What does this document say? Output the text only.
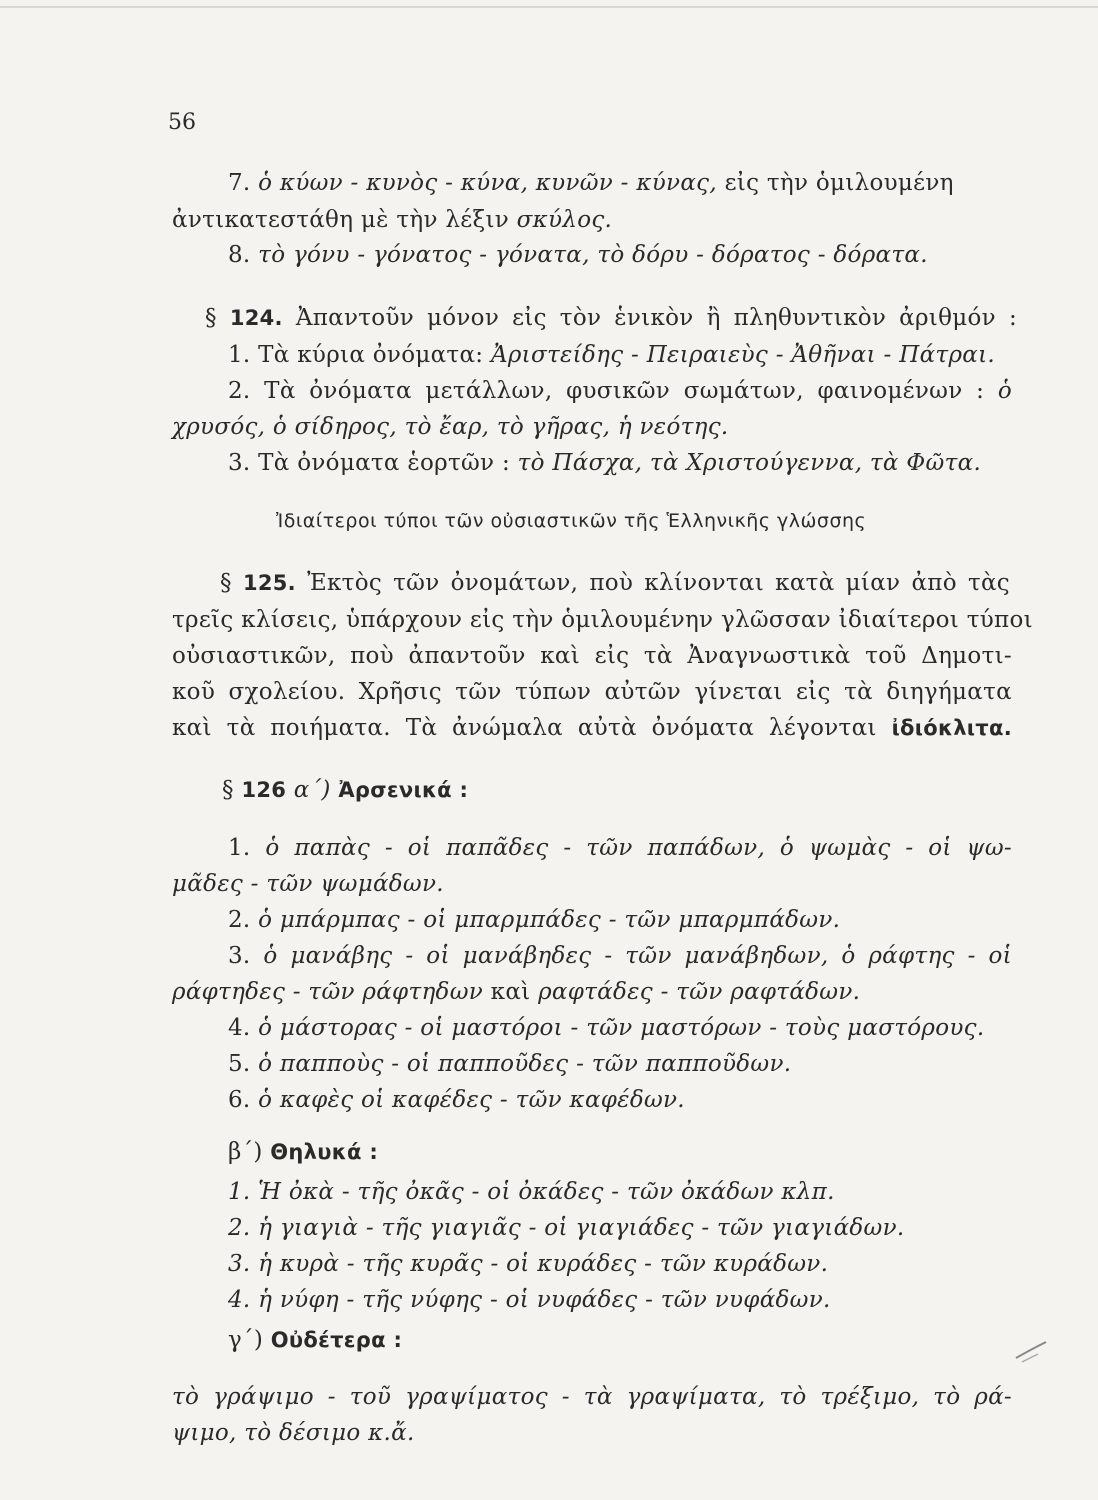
56
7. ὁ κύων - κυνὸς - κύνα, κυνῶν - κύνας, εἰς τὴν ὁμιλουμένη
ἀντικατεστάθη μὲ τὴν λέξιν σκύλος.
8. τὸ γόνυ - γόνατος - γόνατα, τὸ δόρυ - δόρατος - δόρατα.
§ 124. Ἀπαντοῦν μόνον εἰς τὸν ἑνικὸν ἢ πληθυντικὸν ἀριθμόν :
1. Τὰ κύρια ὀνόματα: Ἀριστείδης - Πειραιεὺς - Ἀθῆναι - Πάτραι.
2. Τὰ ὀνόματα μετάλλων, φυσικῶν σωμάτων, φαινομένων : ὁ
χρυσός, ὁ σίδηρος, τὸ ἔαρ, τὸ γῆρας, ἡ νεότης.
3. Τὰ ὀνόματα ἑορτῶν : τὸ Πάσχα, τὰ Χριστούγεννα, τὰ Φῶτα.
Ἰδιαίτεροι τύποι τῶν οὐσιαστικῶν τῆς Ἑλληνικῆς γλώσσης
§ 125. Ἐκτὸς τῶν ὀνομάτων, ποὺ κλίνονται κατὰ μίαν ἀπὸ τὰς
τρεῖς κλίσεις, ὑπάρχουν εἰς τὴν ὁμιλουμένην γλῶσσαν ἰδιαίτεροι τύποι
οὐσιαστικῶν, ποὺ ἀπαντοῦν καὶ εἰς τὰ Ἀναγνωστικὰ τοῦ Δημοτι-
κοῦ σχολείου. Χρῆσις τῶν τύπων αὐτῶν γίνεται εἰς τὰ διηγήματα
καὶ τὰ ποιήματα. Τὰ ἀνώμαλα αὐτὰ ὀνόματα λέγονται ἰδιόκλιτα.
§ 126 α΄) Ἀρσενικά :
1. ὁ παπὰς - οἱ παπᾶδες - τῶν παπάδων, ὁ ψωμὰς - οἱ ψω-
μᾶδες - τῶν ψωμάδων.
2. ὁ μπάρμπας - οἱ μπαρμπάδες - τῶν μπαρμπάδων.
3. ὁ μανάβης - οἱ μανάβηδες - τῶν μανάβηδων, ὁ ράφτης - οἱ
ράφτηδες - τῶν ράφτηδων καὶ ραφτάδες - τῶν ραφτάδων.
4. ὁ μάστορας - οἱ μαστόροι - τῶν μαστόρων - τοὺς μαστόρους.
5. ὁ παπποὺς - οἱ παπποῦδες - τῶν παπποῦδων.
6. ὁ καφὲς οἱ καφέδες - τῶν καφέδων.
β΄) Θηλυκά :
1. Ἡ ὀκὰ - τῆς ὀκᾶς - οἱ ὀκάδες - τῶν ὀκάδων κλπ.
2. ἡ γιαγιὰ - τῆς γιαγιᾶς - οἱ γιαγιάδες - τῶν γιαγιάδων.
3. ἡ κυρὰ - τῆς κυρᾶς - οἱ κυράδες - τῶν κυράδων.
4. ἡ νύφη - τῆς νύφης - οἱ νυφάδες - τῶν νυφάδων.
γ΄) Οὐδέτερα :
τὸ γράψιμο - τοῦ γραψίματος - τὰ γραψίματα, τὸ τρέξιμο, τὸ ρά-
ψιμο, τὸ δέσιμο κ.ἄ.
